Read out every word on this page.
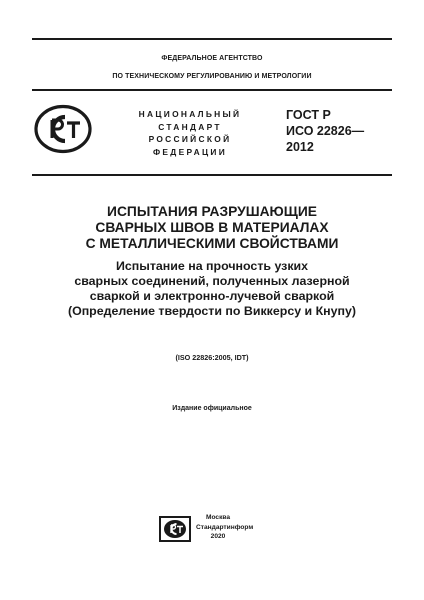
ФЕДЕРАЛЬНОЕ АГЕНТСТВО
ПО ТЕХНИЧЕСКОМУ РЕГУЛИРОВАНИЮ И МЕТРОЛОГИИ
НАЦИОНАЛЬНЫЙ
СТАНДАРТ
РОССИЙСКОЙ
ФЕДЕРАЦИИ
ГОСТ Р
ИСО 22826—
2012
ИСПЫТАНИЯ РАЗРУШАЮЩИЕ
СВАРНЫХ ШВОВ В МАТЕРИАЛАХ
С МЕТАЛЛИЧЕСКИМИ СВОЙСТВАМИ
Испытание на прочность узких
сварных соединений, полученных лазерной
сваркой и электронно-лучевой сваркой
(Определение твердости по Виккерсу и Кнупу)
(ISO 22826:2005, IDT)
Издание официальное
Москва
Стандартинформ
2020
